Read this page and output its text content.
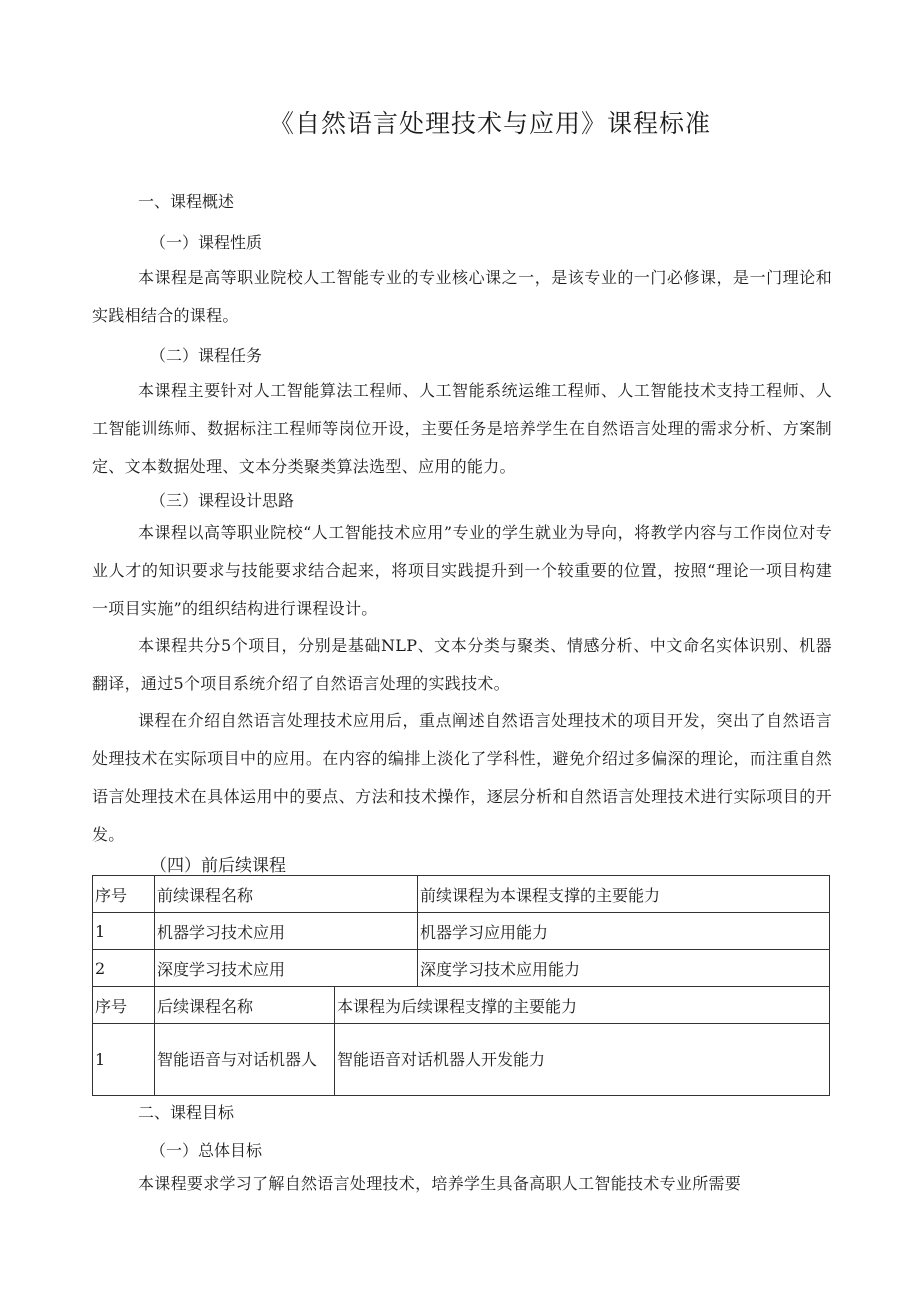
《自然语言处理技术与应用》课程标准
一、课程概述
（一）课程性质

本课程是高等职业院校人工智能专业的专业核心课之一，是该专业的一门必修课，是一门理论和实践相结合的课程。

（二）课程任务

本课程主要针对人工智能算法工程师、人工智能系统运维工程师、人工智能技术支持工程师、人工智能训练师、数据标注工程师等岗位开设，主要任务是培养学生在自然语言处理的需求分析、方案制定、文本数据处理、文本分类聚类算法选型、应用的能力。

（三）课程设计思路

本课程以高等职业院校“人工智能技术应用”专业的学生就业为导向，将教学内容与工作岗位对专业人才的知识要求与技能要求结合起来，将项目实践提升到一个较重要的位置，按照“理论一项目构建一项目实施”的组织结构进行课程设计。

本课程共分5个项目，分别是基础NLP、文本分类与聚类、情感分析、中文命名实体识别、机器翻译，通过5个项目系统介绍了自然语言处理的实践技术。

课程在介绍自然语言处理技术应用后，重点阐述自然语言处理技术的项目开发，突出了自然语言处理技术在实际项目中的应用。在内容的编排上淡化了学科性，避免介绍过多偏深的理论，而注重自然语言处理技术在具体运用中的要点、方法和技术操作，逐层分析和自然语言处理技术进行实际项目的开发。

（四）前后续课程
序号	前续课程名称		前续课程为本课程支撑的主要能力
1	机器学习技术应用		机器学习应用能力
2	深度学习技术应用		深度学习技术应用能力
序号	后续课程名称	本课程为后续课程支撑的主要能力	
1	智能语音与对话机器人	智能语音对话机器人开发能力	
二、课程目标
（一）总体目标

本课程要求学习了解自然语言处理技术，培养学生具备高职人工智能技术专业所需要
